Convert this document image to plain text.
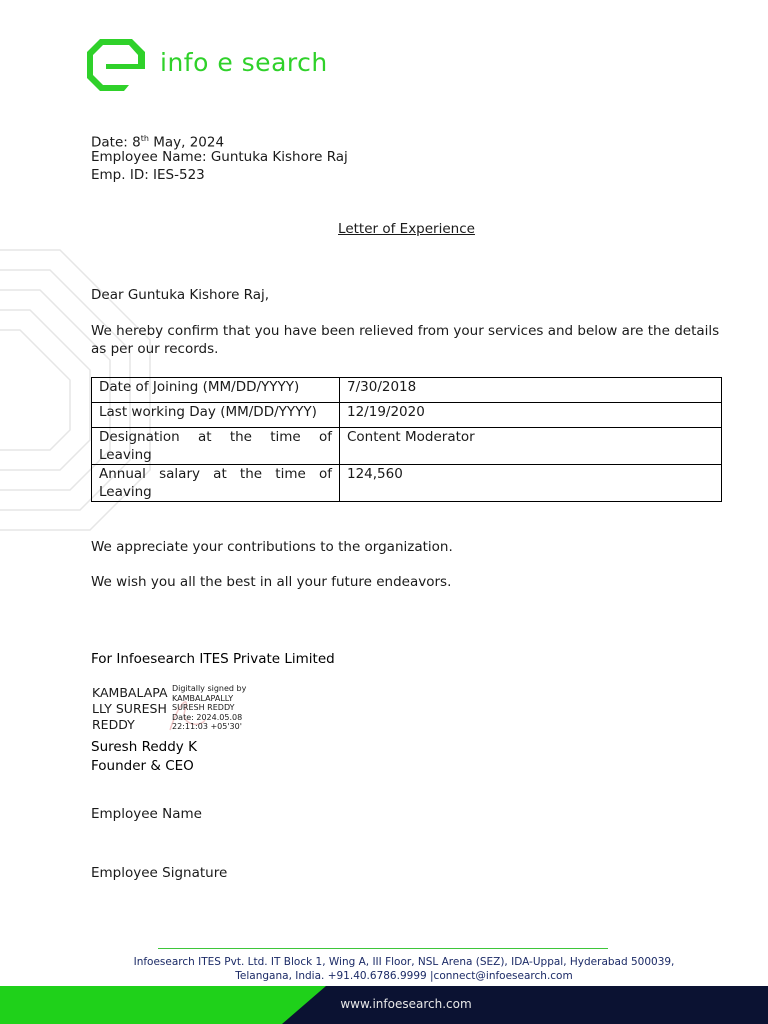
info e search
Date: 8th May, 2024
Employee Name: Guntuka Kishore Raj
Emp. ID: IES-523
Letter of Experience
Dear Guntuka Kishore Raj,
We hereby confirm that you have been relieved from your services and below are the details as per our records.
Date of Joining (MM/DD/YYYY)	7/30/2018
Last working Day (MM/DD/YYYY)	12/19/2020
Designation at the time of Leaving	Content Moderator
Annual salary at the time of Leaving	124,560
We appreciate your contributions to the organization.
We wish you all the best in all your future endeavors.
For Infoesearch ITES Private Limited
KAMBALAPA
LLY SURESH
REDDY
Digitally signed by
KAMBALAPALLY
SURESH REDDY
Date: 2024.05.08
22:11:03 +05'30'
Suresh Reddy K
Founder & CEO
Employee Name
Employee Signature
Infoesearch ITES Pvt. Ltd. IT Block 1, Wing A, III Floor, NSL Arena (SEZ), IDA-Uppal, Hyderabad 500039,
Telangana, India. +91.40.6786.9999 |connect@infoesearch.com
www.infoesearch.com
